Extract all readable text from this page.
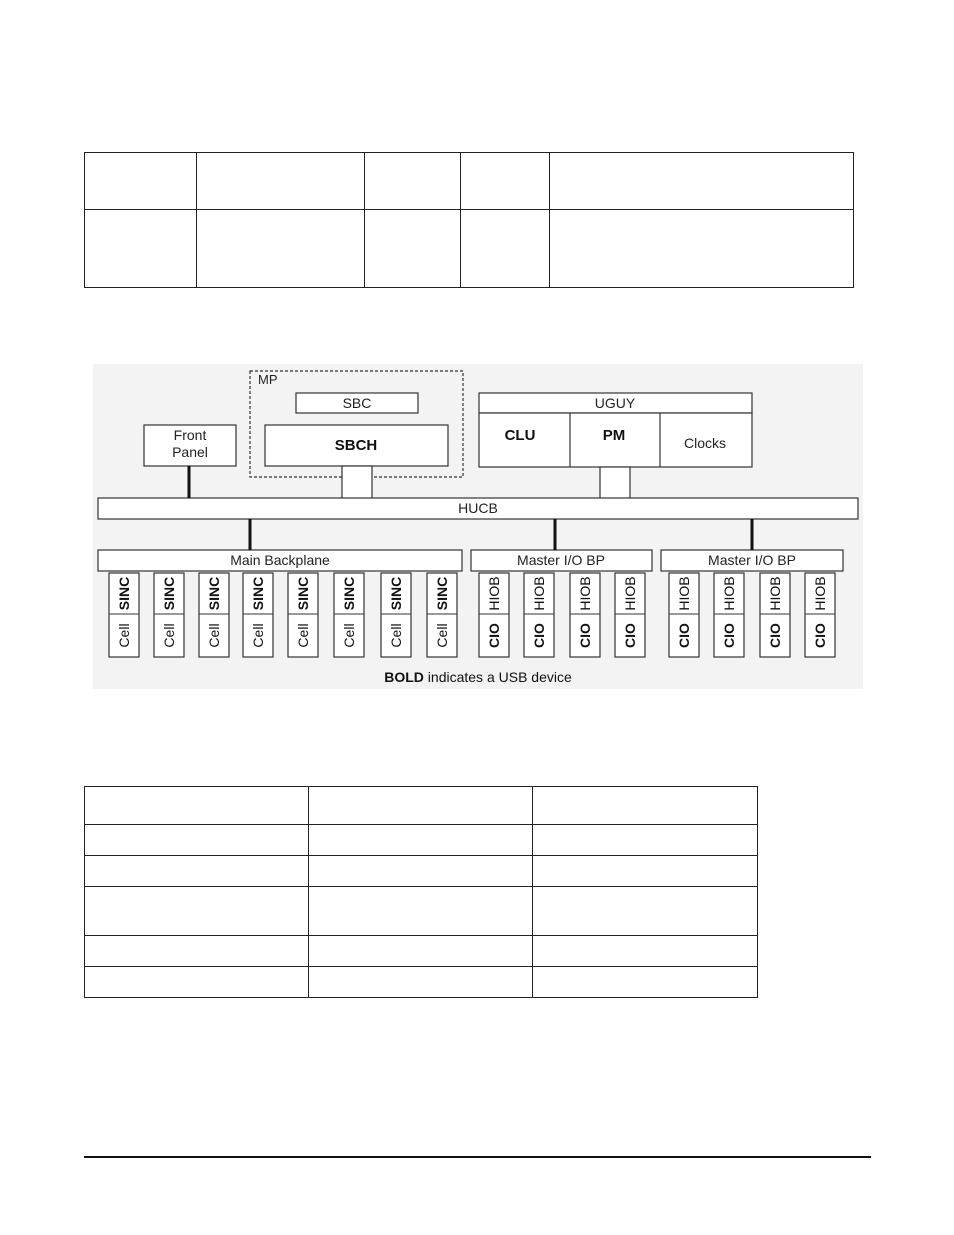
MP
SBC
SBCH
Front
Panel
UGUY
CLU	PM	Clocks
HUCB
Main Backplane	Master I/O BP	Master I/O BP
SINC
Cell
SINC
Cell
SINC
Cell
SINC
Cell
SINC
Cell
SINC
Cell
SINC
Cell
SINC
Cell
HIOB
CIO
HIOB
CIO
HIOB
CIO
HIOB
CIO
HIOB
CIO
HIOB
CIO
HIOB
CIO
HIOB
CIO
BOLD indicates a USB device
